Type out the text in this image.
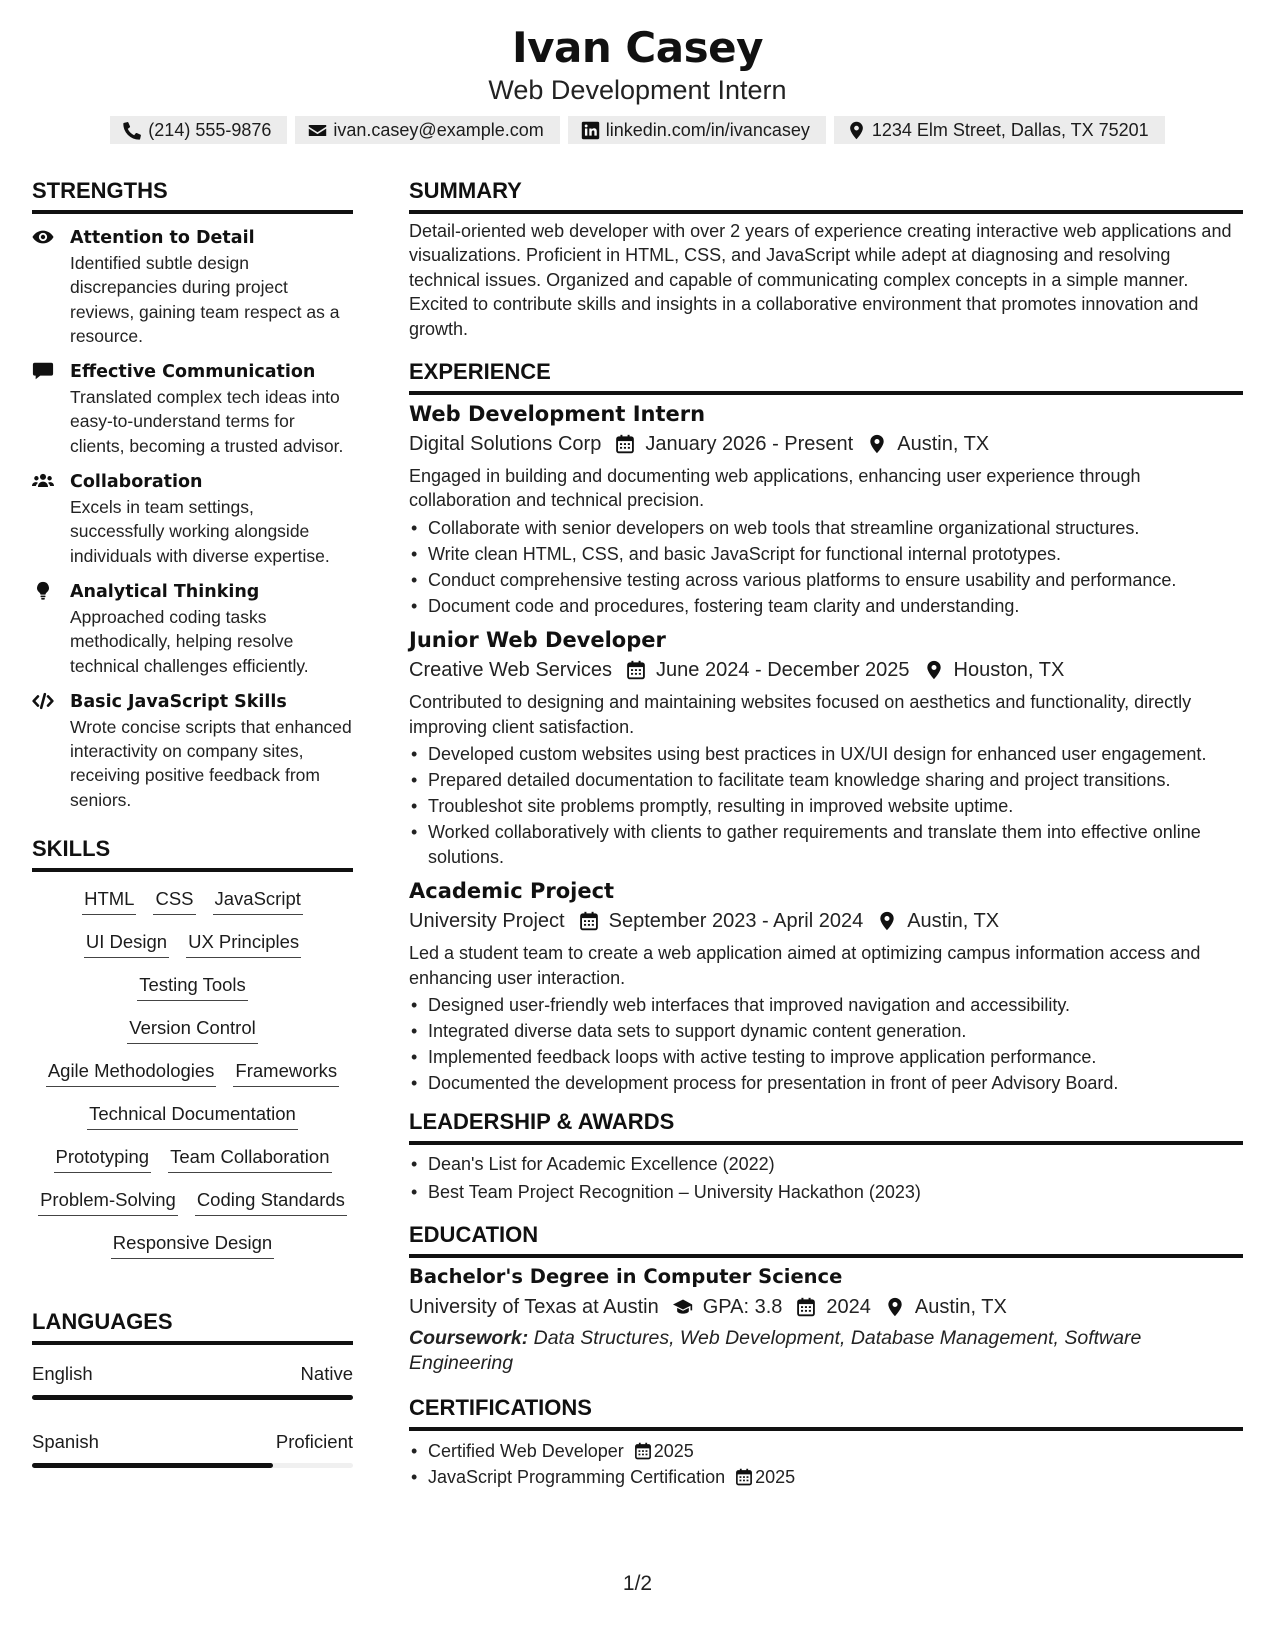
Ivan Casey
Web Development Intern
(214) 555-9876	ivan.casey@example.com	linkedin.com/in/ivancasey	1234 Elm Street, Dallas, TX 75201
STRENGTHS
Attention to Detail
Identified subtle design discrepancies during project reviews, gaining team respect as a resource.
Effective Communication
Translated complex tech ideas into easy-to-understand terms for clients, becoming a trusted advisor.
Collaboration
Excels in team settings, successfully working alongside individuals with diverse expertise.
Analytical Thinking
Approached coding tasks methodically, helping resolve technical challenges efficiently.
Basic JavaScript Skills
Wrote concise scripts that enhanced interactivity on company sites, receiving positive feedback from seniors.
SKILLS
HTML CSS JavaScript
UI Design UX Principles
Testing Tools
Version Control
Agile Methodologies Frameworks
Technical Documentation
Prototyping Team Collaboration
Problem-Solving Coding Standards
Responsive Design
LANGUAGES
English	Native
Spanish	Proficient
SUMMARY
Detail-oriented web developer with over 2 years of experience creating interactive web applications and visualizations. Proficient in HTML, CSS, and JavaScript while adept at diagnosing and resolving technical issues. Organized and capable of communicating complex concepts in a simple manner. Excited to contribute skills and insights in a collaborative environment that promotes innovation and growth.
EXPERIENCE
Web Development Intern
Digital Solutions Corp January 2026 - Present Austin, TX
Engaged in building and documenting web applications, enhancing user experience through collaboration and technical precision.
• Collaborate with senior developers on web tools that streamline organizational structures.
• Write clean HTML, CSS, and basic JavaScript for functional internal prototypes.
• Conduct comprehensive testing across various platforms to ensure usability and performance.
• Document code and procedures, fostering team clarity and understanding.
Junior Web Developer
Creative Web Services June 2024 - December 2025 Houston, TX
Contributed to designing and maintaining websites focused on aesthetics and functionality, directly improving client satisfaction.
• Developed custom websites using best practices in UX/UI design for enhanced user engagement.
• Prepared detailed documentation to facilitate team knowledge sharing and project transitions.
• Troubleshot site problems promptly, resulting in improved website uptime.
• Worked collaboratively with clients to gather requirements and translate them into effective online solutions.
Academic Project
University Project September 2023 - April 2024 Austin, TX
Led a student team to create a web application aimed at optimizing campus information access and enhancing user interaction.
• Designed user-friendly web interfaces that improved navigation and accessibility.
• Integrated diverse data sets to support dynamic content generation.
• Implemented feedback loops with active testing to improve application performance.
• Documented the development process for presentation in front of peer Advisory Board.
LEADERSHIP & AWARDS
• Dean's List for Academic Excellence (2022)
• Best Team Project Recognition – University Hackathon (2023)
EDUCATION
Bachelor's Degree in Computer Science
University of Texas at Austin GPA: 3.8 2024 Austin, TX
Coursework: Data Structures, Web Development, Database Management, Software Engineering
CERTIFICATIONS
• Certified Web Developer 2025
• JavaScript Programming Certification 2025
1/2
